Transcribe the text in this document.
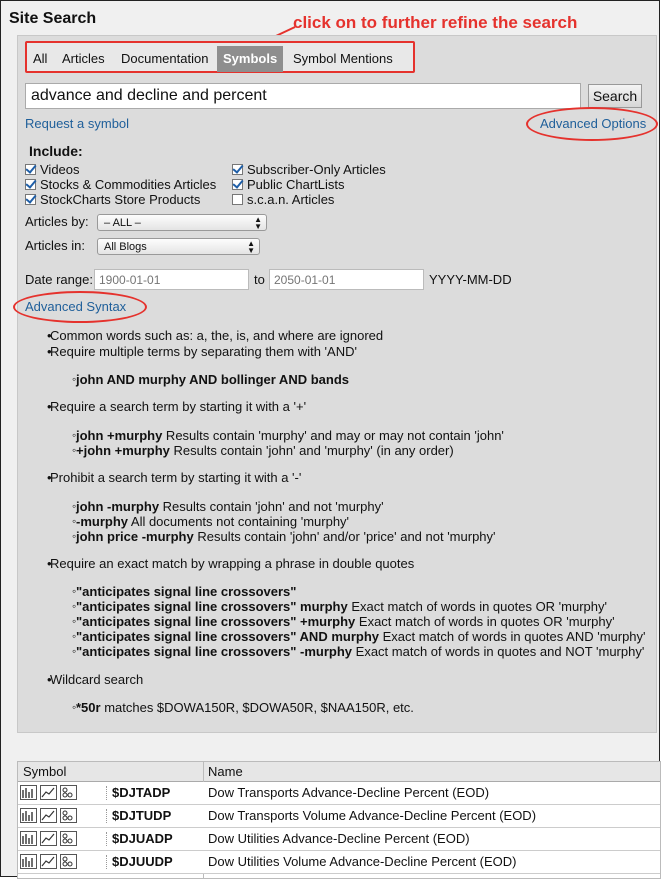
Site Search	click on to further refine the search
All Articles Documentation	Symbols	Symbol Mentions
advance and decline and percent
Search
Request a symbol	Advanced Options
Include:
Videos
Stocks & Commodities Articles
StockCharts Store Products
Subscriber-Only Articles
Public ChartLists
s.c.a.n. Articles
Articles by:	– ALL –	▲
▼
Articles in:	All Blogs	▲
▼
Date range:
1900-01-01	to
2050-01-01	YYYY-MM-DD
Advanced Syntax
• Common words such as: a, the, is, and where are ignored
• Require multiple terms by separating them with 'AND'
◦ john AND murphy AND bollinger AND bands
• Require a search term by starting it with a '+'
◦ john +murphy Results contain 'murphy' and may or may not contain 'john'
◦ +john +murphy Results contain 'john' and 'murphy' (in any order)
• Prohibit a search term by starting it with a '-'
◦ john -murphy Results contain 'john' and not 'murphy'
◦ -murphy All documents not containing 'murphy'
◦ john price -murphy Results contain 'john' and/or 'price' and not 'murphy'
• Require an exact match by wrapping a phrase in double quotes
◦ "anticipates signal line crossovers"
◦ "anticipates signal line crossovers" murphy Exact match of words in quotes OR 'murphy'
◦ "anticipates signal line crossovers" +murphy Exact match of words in quotes OR 'murphy'
◦ "anticipates signal line crossovers" AND murphy Exact match of words in quotes AND 'murphy'
◦ "anticipates signal line crossovers" -murphy Exact match of words in quotes and NOT 'murphy'
• Wildcard search
◦ *50r matches $DOWA150R, $DOWA50R, $NAA150R, etc.
Symbol	Name
$DJTADP	Dow Transports Advance-Decline Percent (EOD)
$DJTUDP	Dow Transports Volume Advance-Decline Percent (EOD)
$DJUADP	Dow Utilities Advance-Decline Percent (EOD)
$DJUUDP	Dow Utilities Volume Advance-Decline Percent (EOD)
